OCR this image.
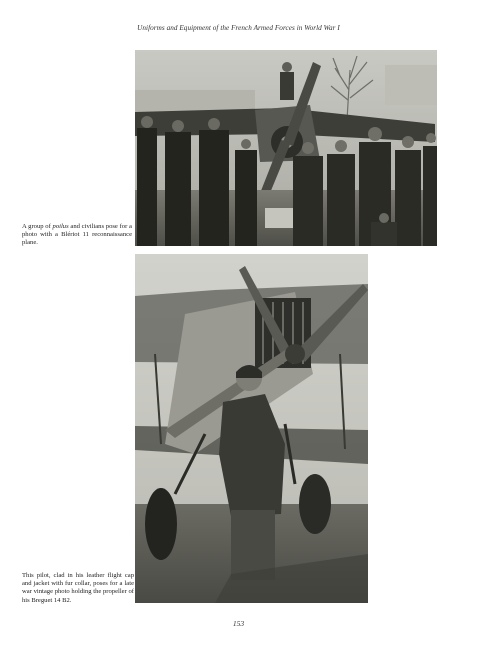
Uniforms and Equipment of the French Armed Forces in World War I
A group of poilus and civilians pose for a photo with a Blériot 11 reconnaissance plane.
This pilot, clad in his leather flight cap and jacket with fur collar, poses for a late war vintage photo holding the propeller of his Breguet 14 B2.
153
